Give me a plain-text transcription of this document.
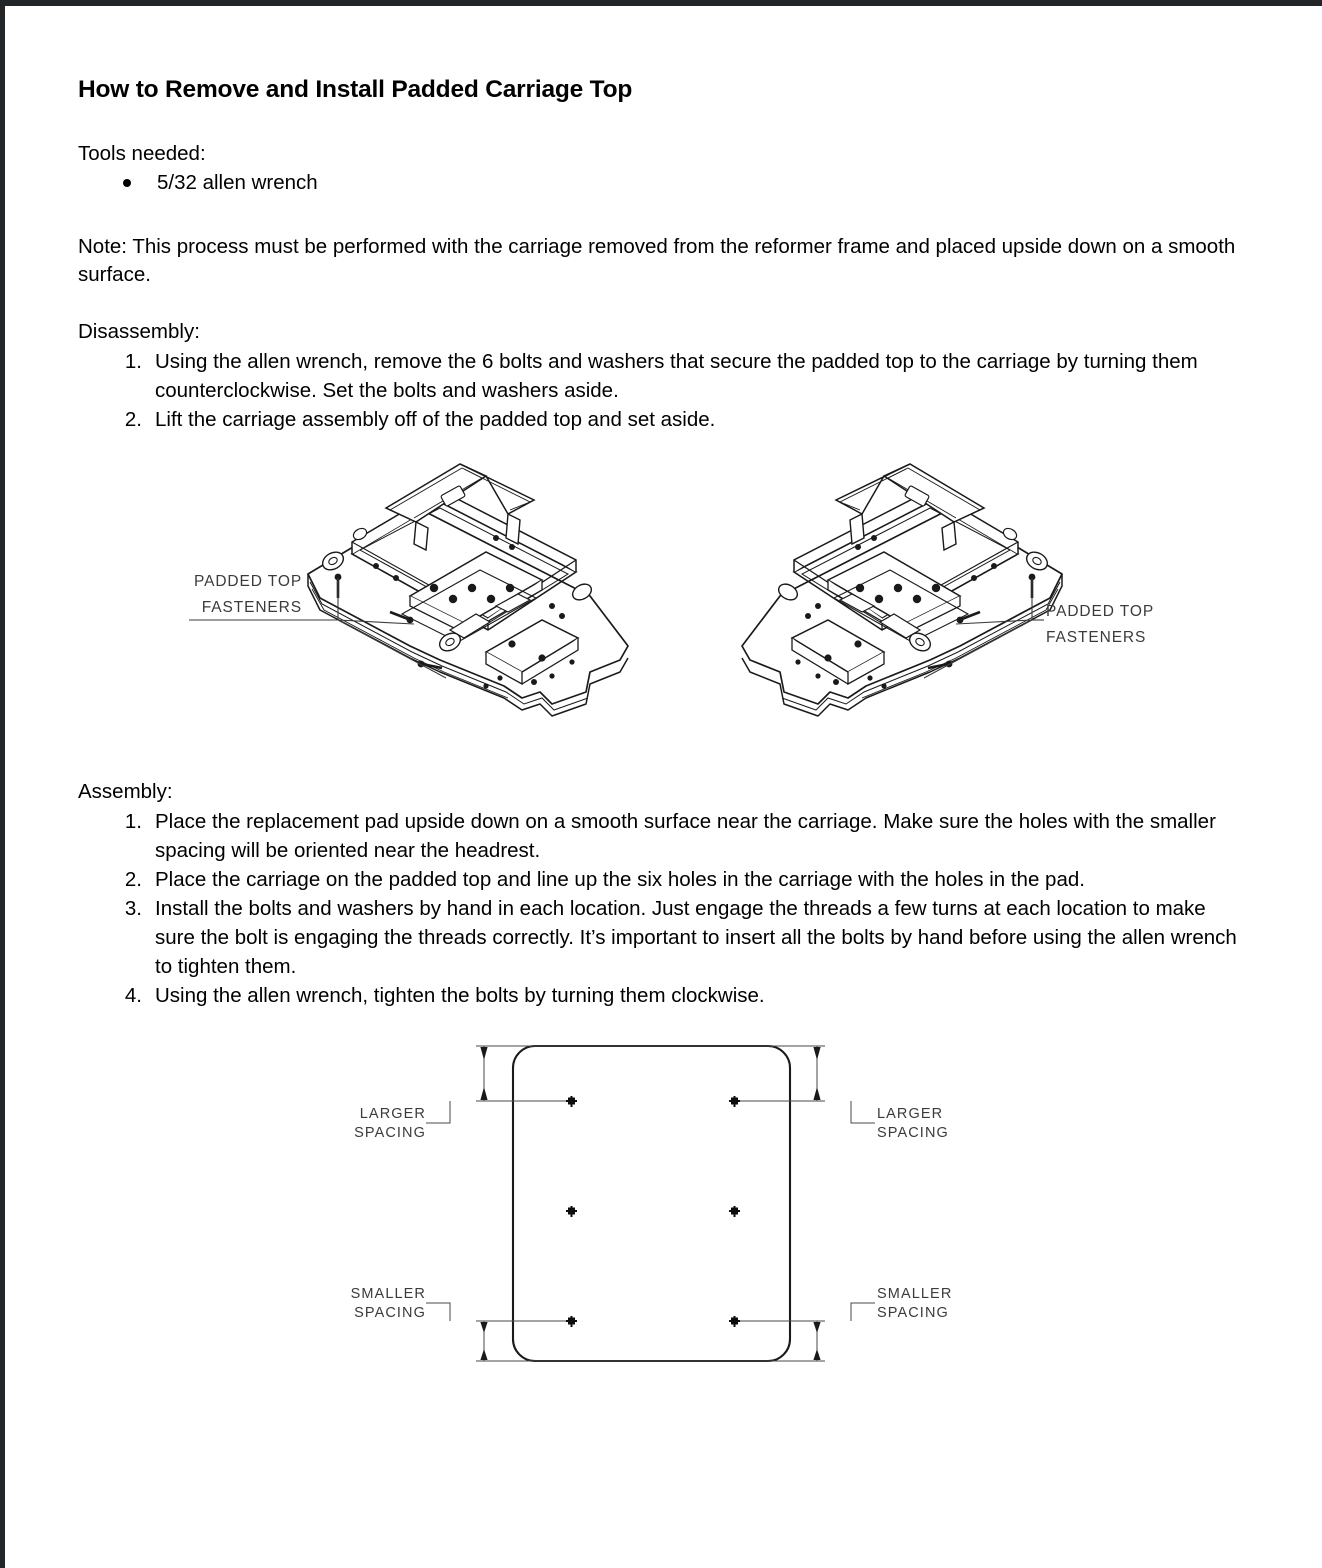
How to Remove and Install Padded Carriage Top

Tools needed:

5/32 allen wrench

Note: This process must be performed with the carriage removed from the reformer frame and placed upside down on a smooth surface.

Disassembly:

1. Using the allen wrench, remove the 6 bolts and washers that secure the padded top to the carriage by turning them counterclockwise. Set the bolts and washers aside.
2. Lift the carriage assembly off of the padded top and set aside.
PADDED TOP
FASTENERS	PADDED TOP
FASTENERS

Assembly:

1. Place the replacement pad upside down on a smooth surface near the carriage. Make sure the holes with the smaller spacing will be oriented near the headrest.
2. Place the carriage on the padded top and line up the six holes in the carriage with the holes in the pad.
3. Install the bolts and washers by hand in each location. Just engage the threads a few turns at each location to make sure the bolt is engaging the threads correctly. It’s important to insert all the bolts by hand before using the allen wrench to tighten them.
4. Using the allen wrench, tighten the bolts by turning them clockwise.
LARGER
SPACING
LARGER
SPACING
SMALLER
SPACING
SMALLER
SPACING
